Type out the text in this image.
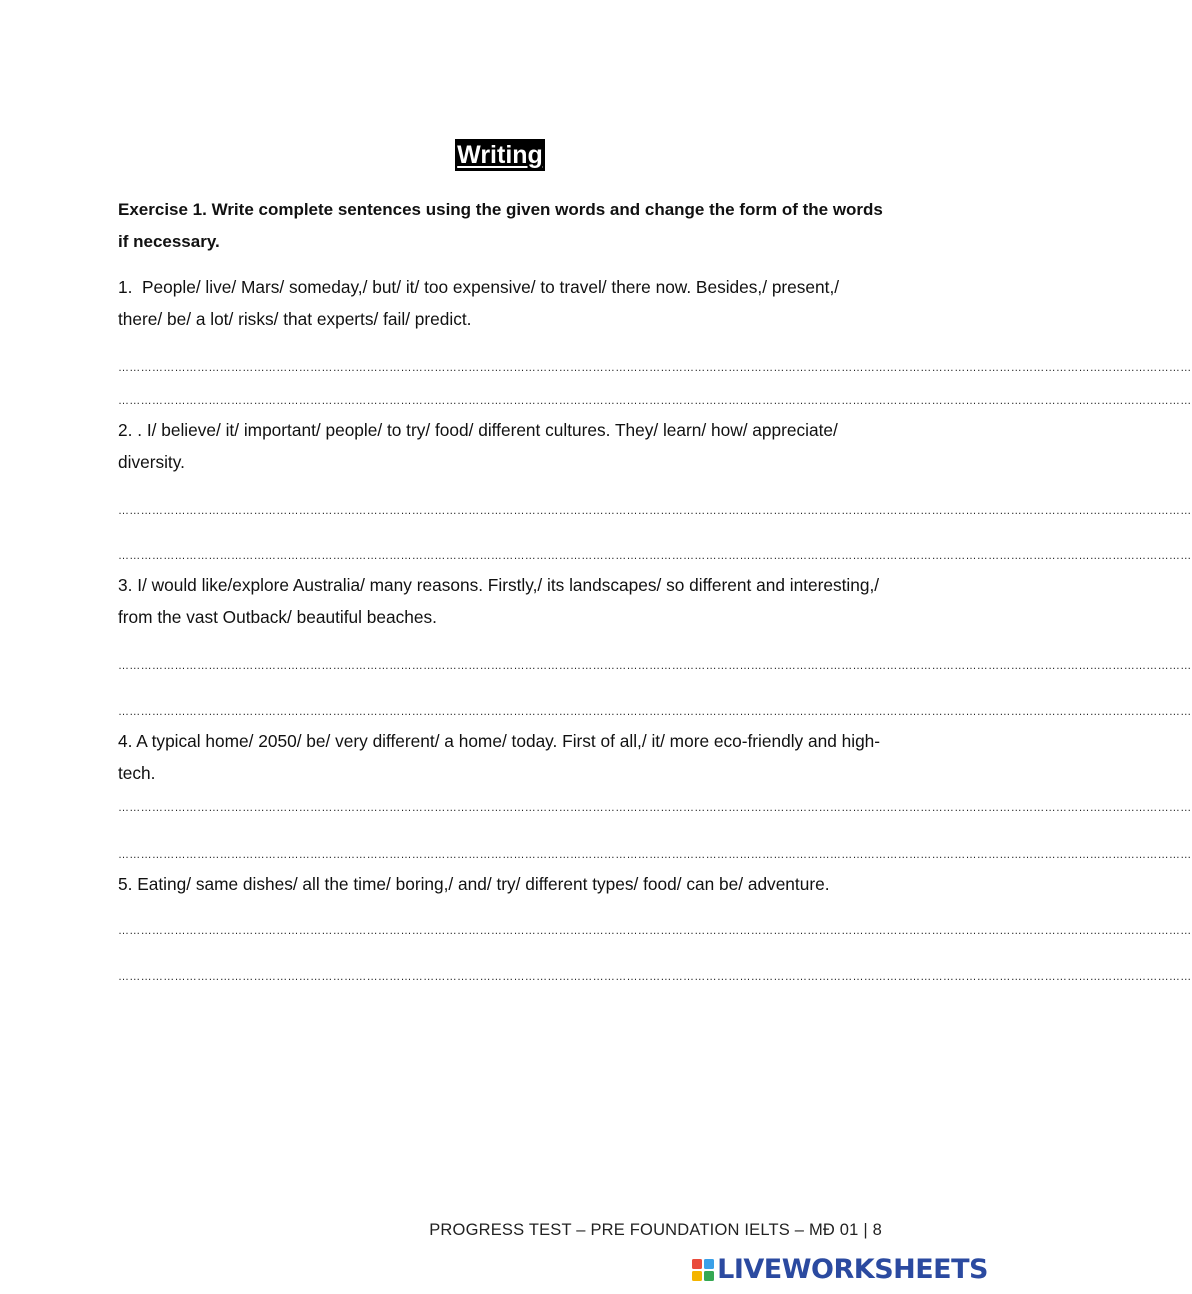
Writing

Exercise 1. Write complete sentences using the given words and change the form of the words if necessary.

1.  People/ live/ Mars/ someday,/ but/ it/ too expensive/ to travel/ there now. Besides,/ present,/ there/ be/ a lot/ risks/ that experts/ fail/ predict.

……………………………………………………………………………………………………………………………………………………………………………………………………………………………………………………………
……………………………………………………………………………………………………………………………………………………………………………………………………………………………………………………………

2. . I/ believe/ it/ important/ people/ to try/ food/ different cultures. They/ learn/ how/ appreciate/ diversity.

……………………………………………………………………………………………………………………………………………………………………………………………………………………………………………………………
……………………………………………………………………………………………………………………………………………………………………………………………………………………………………………………………

3. I/ would like/explore Australia/ many reasons. Firstly,/ its landscapes/ so different and interesting,/ from the vast Outback/ beautiful beaches.

……………………………………………………………………………………………………………………………………………………………………………………………………………………………………………………………
……………………………………………………………………………………………………………………………………………………………………………………………………………………………………………………………

4. A typical home/ 2050/ be/ very different/ a home/ today. First of all,/ it/ more eco-friendly and high-tech.

……………………………………………………………………………………………………………………………………………………………………………………………………………………………………………………………
……………………………………………………………………………………………………………………………………………………………………………………………………………………………………………………………

5. Eating/ same dishes/ all the time/ boring,/ and/ try/ different types/ food/ can be/ adventure.

……………………………………………………………………………………………………………………………………………………………………………………………………………………………………………………………
……………………………………………………………………………………………………………………………………………………………………………………………………………………………………………………………
PROGRESS TEST – PRE FOUNDATION IELTS – MĐ 01 | 8
LIVEWORKSHEETS
